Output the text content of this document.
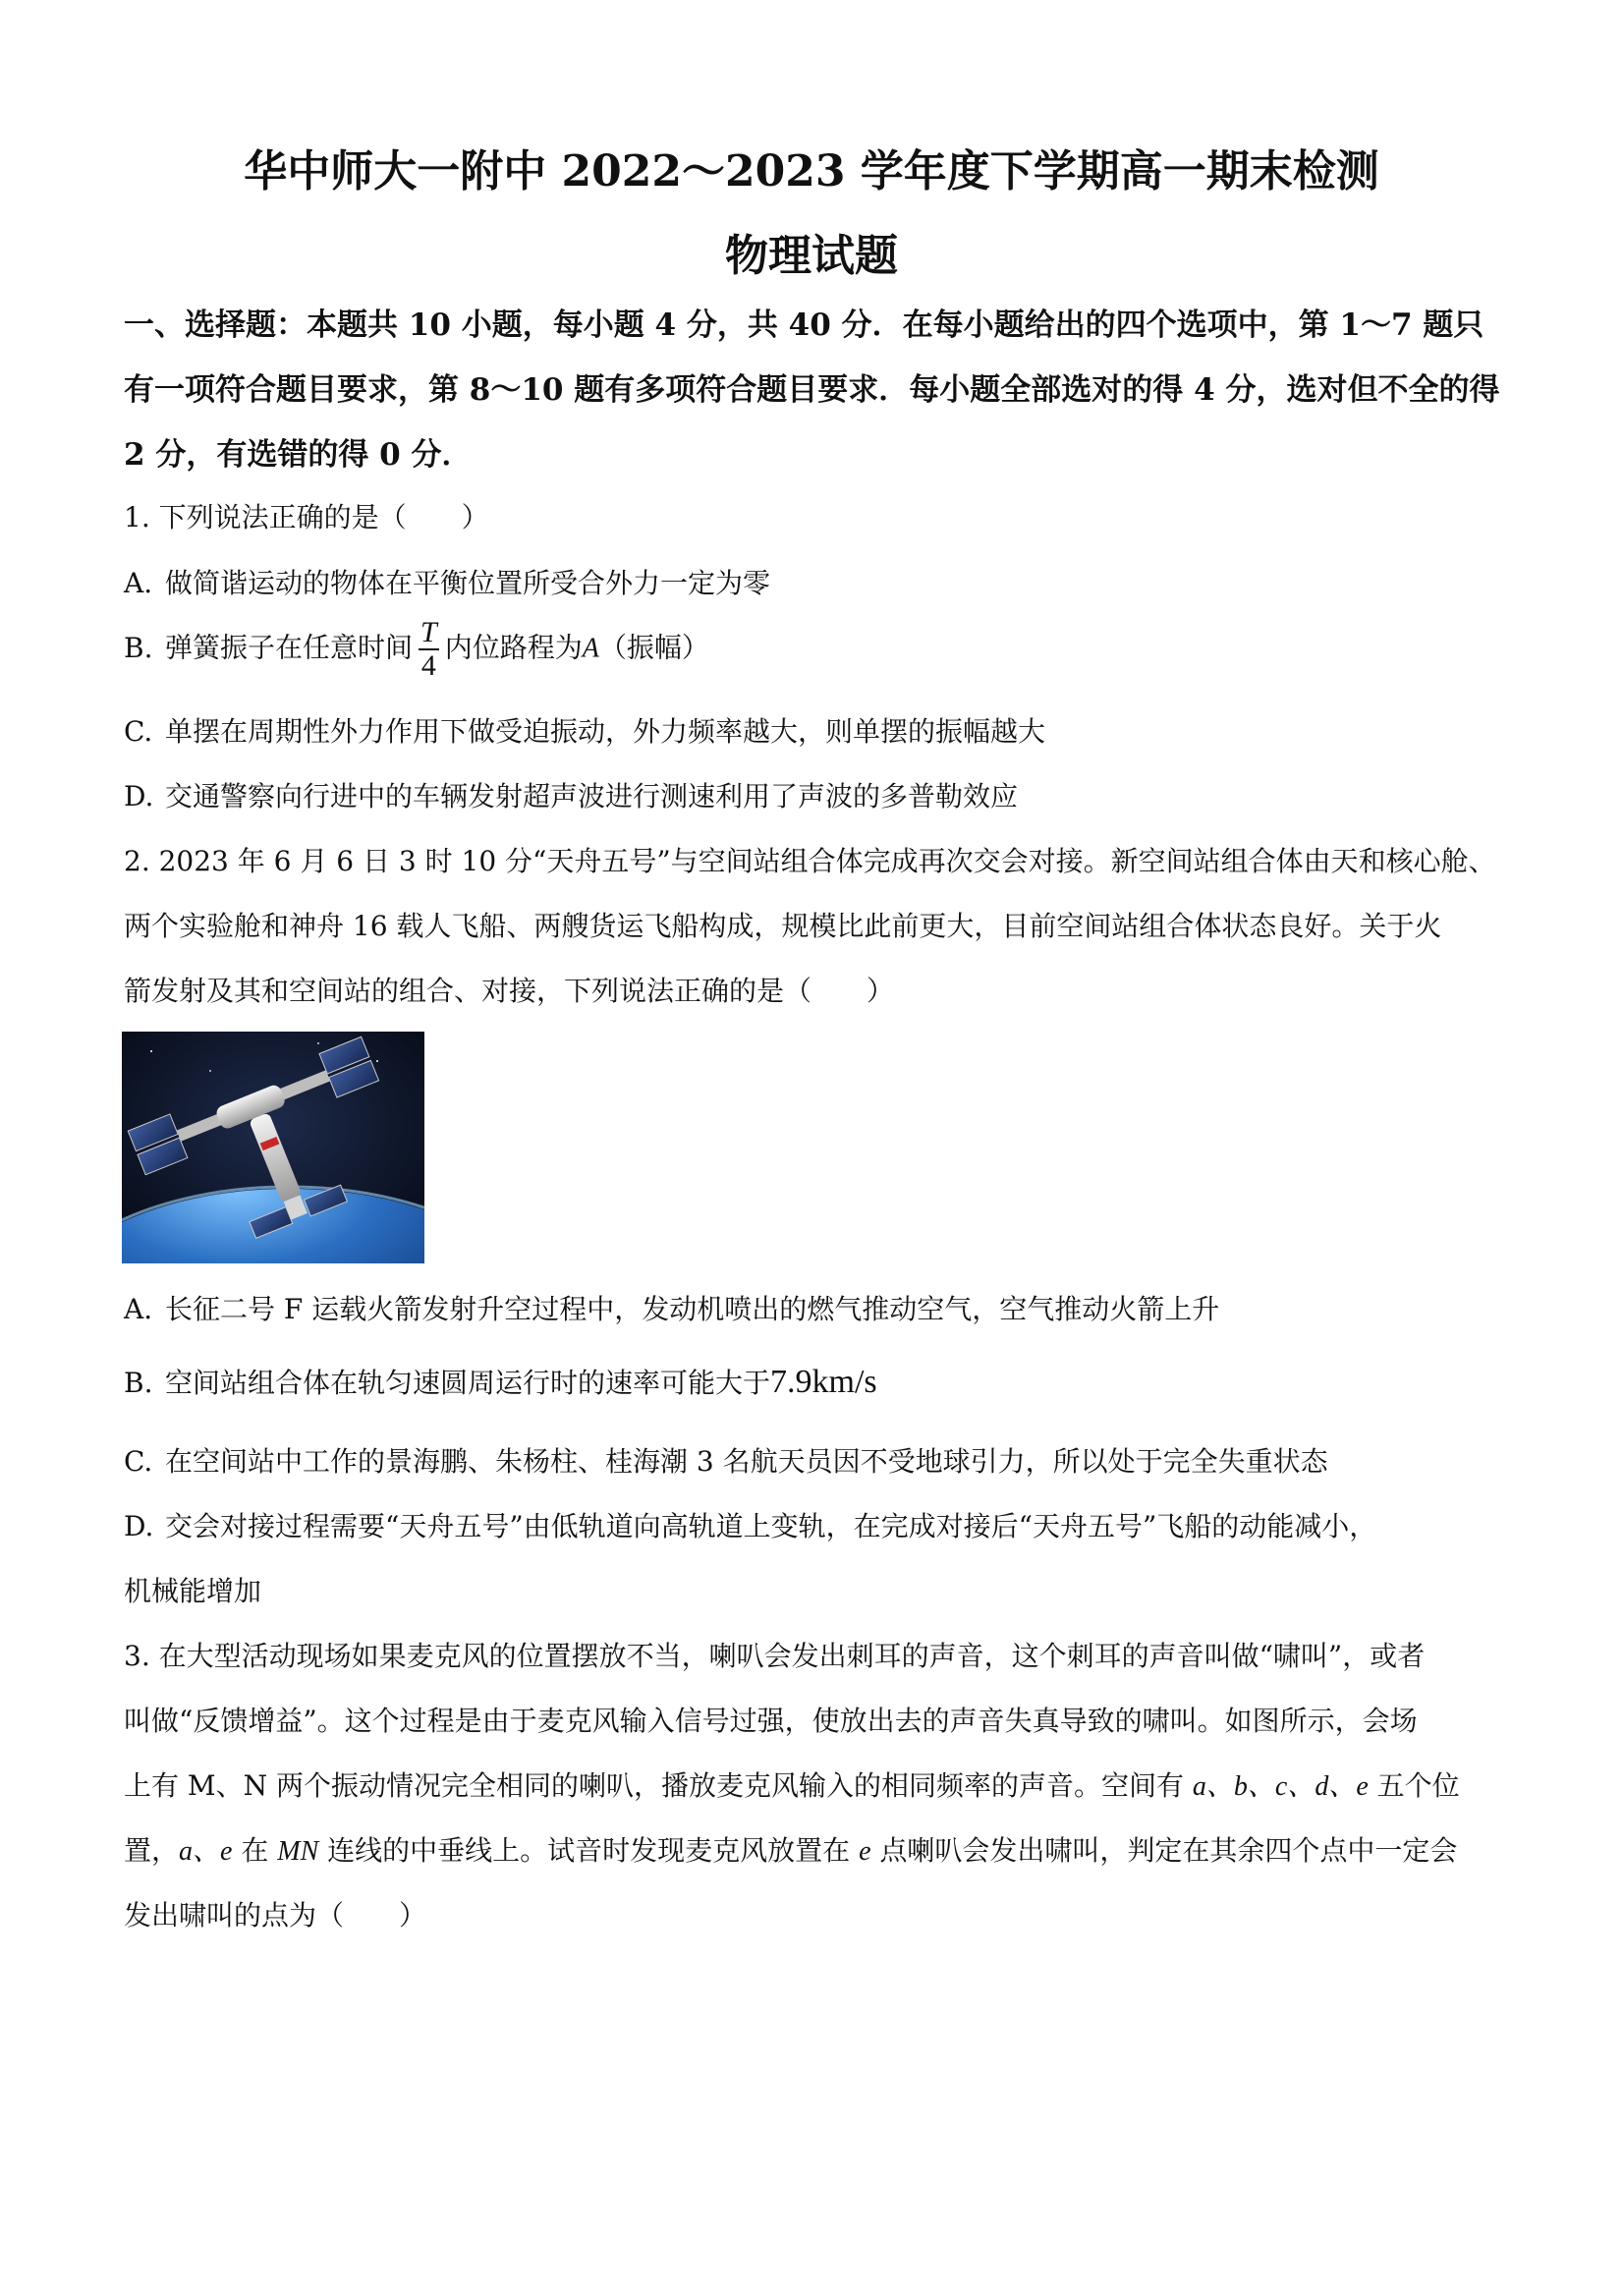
华中师大一附中 2022～2023 学年度下学期高一期末检测
物理试题
一、选择题：本题共 10 小题，每小题 4 分，共 40 分．在每小题给出的四个选项中，第 1～7 题只有一项符合题目要求，第 8～10 题有多项符合题目要求．每小题全部选对的得 4 分，选对但不全的得 2 分，有选错的得 0 分．
1. 下列说法正确的是（　　）
A. 做简谐运动的物体在平衡位置所受合外力一定为零
B. 弹簧振子在任意时间 $\frac{T}{4}$ 内位路程为A（振幅）
C. 单摆在周期性外力作用下做受迫振动，外力频率越大，则单摆的振幅越大
D. 交通警察向行进中的车辆发射超声波进行测速利用了声波的多普勒效应
2. 2023 年 6 月 6 日 3 时 10 分“天舟五号”与空间站组合体完成再次交会对接。新空间站组合体由天和核心舱、
两个实验舱和神舟 16 载人飞船、两艘货运飞船构成，规模比此前更大，目前空间站组合体状态良好。关于火
箭发射及其和空间站的组合、对接，下列说法正确的是（　　）
A. 长征二号 F 运载火箭发射升空过程中，发动机喷出的燃气推动空气，空气推动火箭上升
B. 空间站组合体在轨匀速圆周运行时的速率可能大于7.9km/s
C. 在空间站中工作的景海鹏、朱杨柱、桂海潮 3 名航天员因不受地球引力，所以处于完全失重状态
D. 交会对接过程需要“天舟五号”由低轨道向高轨道上变轨，在完成对接后“天舟五号”飞船的动能减小，
机械能增加
3. 在大型活动现场如果麦克风的位置摆放不当，喇叭会发出刺耳的声音，这个刺耳的声音叫做“啸叫”，或者
叫做“反馈增益”。这个过程是由于麦克风输入信号过强，使放出去的声音失真导致的啸叫。如图所示，会场
上有 M、N 两个振动情况完全相同的喇叭，播放麦克风输入的相同频率的声音。空间有 a、b、c、d、e 五个位
置，a、e 在 MN 连线的中垂线上。试音时发现麦克风放置在 e 点喇叭会发出啸叫，判定在其余四个点中一定会
发出啸叫的点为（　　）
